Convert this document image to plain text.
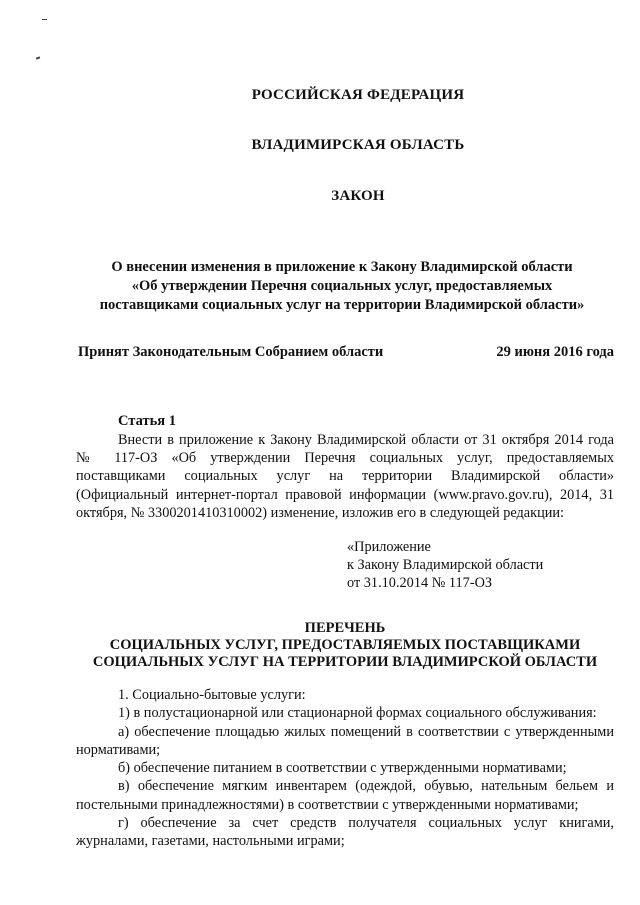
РОССИЙСКАЯ ФЕДЕРАЦИЯ
ВЛАДИМИРСКАЯ ОБЛАСТЬ
ЗАКОН
О внесении изменения в приложение к Закону Владимирской области
«Об утверждении Перечня социальных услуг, предоставляемых
поставщиками социальных услуг на территории Владимирской области»
Принят Законодательным Собранием области	29 июня 2016 года
Статья 1
Внести в приложение к Закону Владимирской области от 31 октября 2014 года № 117-ОЗ «Об утверждении Перечня социальных услуг, предоставляемых поставщиками социальных услуг на территории Владимирской области» (Официальный интернет-портал правовой информации (www.pravo.gov.ru), 2014, 31 октября, № 3300201410310002) изменение, изложив его в следующей редакции:
«Приложение
к Закону Владимирской области
от 31.10.2014 № 117-ОЗ
ПЕРЕЧЕНЬ
СОЦИАЛЬНЫХ УСЛУГ, ПРЕДОСТАВЛЯЕМЫХ ПОСТАВЩИКАМИ
СОЦИАЛЬНЫХ УСЛУГ НА ТЕРРИТОРИИ ВЛАДИМИРСКОЙ ОБЛАСТИ

1. Социально-бытовые услуги:

1) в полустационарной или стационарной формах социального обслуживания:

а) обеспечение площадью жилых помещений в соответствии с утвержденными нормативами;

б) обеспечение питанием в соответствии с утвержденными нормативами;

в) обеспечение мягким инвентарем (одеждой, обувью, нательным бельем и постельными принадлежностями) в соответствии с утвержденными нормативами;

г) обеспечение за счет средств получателя социальных услуг книгами, журналами, газетами, настольными играми;
